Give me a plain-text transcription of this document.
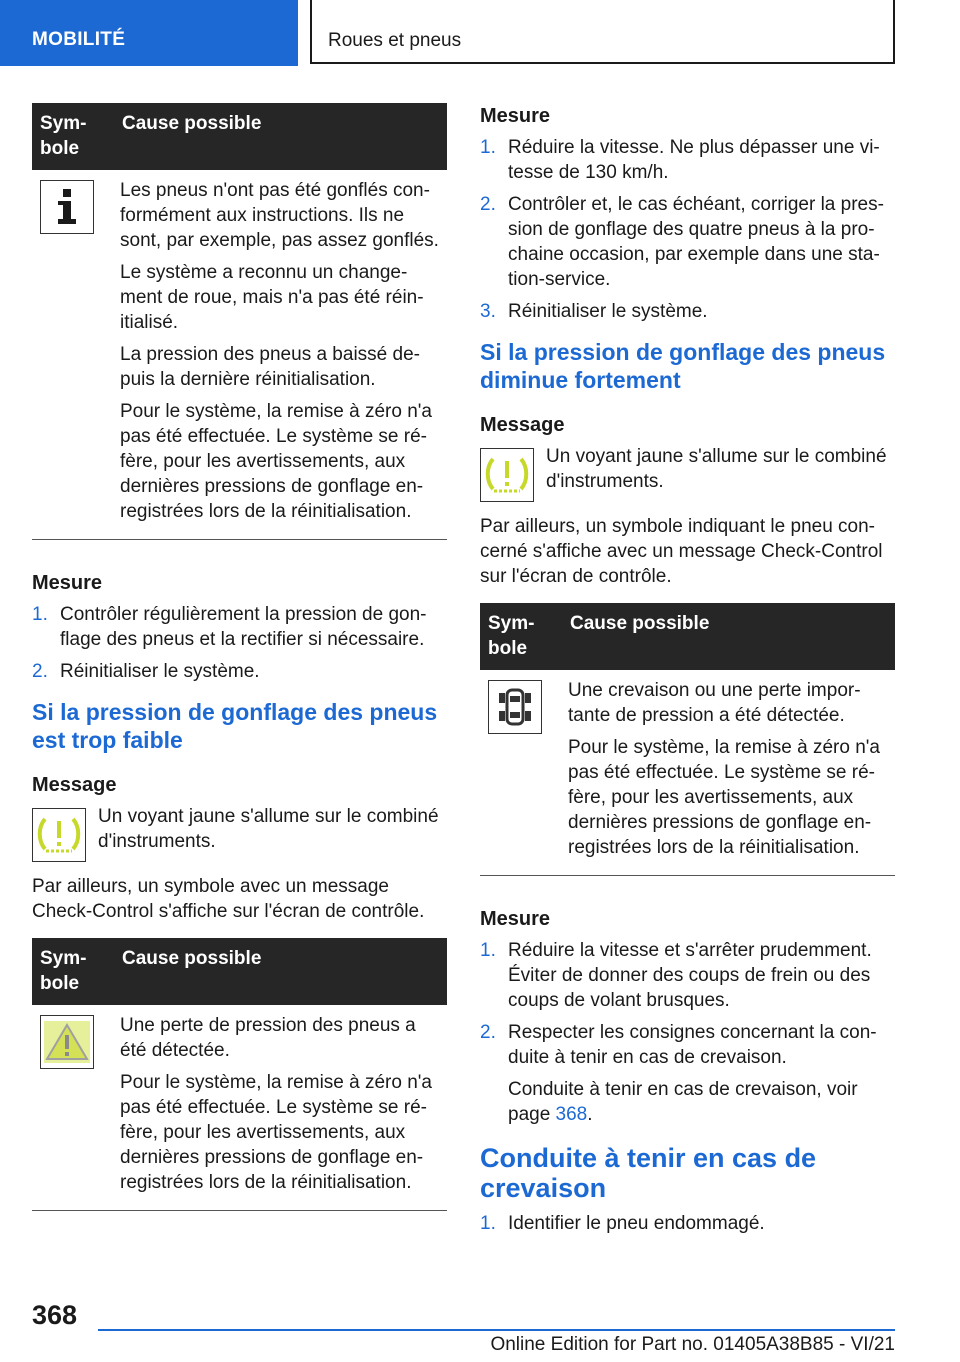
MOBILITÉ	Roues et pneus
Sym-
bole
Cause possible

Les pneus n'ont pas été gonflés con-formément aux instructions. Ils ne sont, par exemple, pas assez gonflés.

Le système a reconnu un change-ment de roue, mais n'a pas été réin-itialisé.

La pression des pneus a baissé de-puis la dernière réinitialisation.

Pour le système, la remise à zéro n'a pas été effectuée. Le système se ré-fère, pour les avertissements, aux dernières pressions de gonflage en-registrées lors de la réinitialisation.

Mesure
1. Contrôler régulièrement la pression de gon-flage des pneus et la rectifier si nécessaire.
2. Réinitialiser le système.
Si la pression de gonflage des pneus est trop faible
Message
Un voyant jaune s'allume sur le combiné d'instruments.

Par ailleurs, un symbole avec un message Check-Control s'affiche sur l'écran de contrôle.

Sym-
bole
Cause possible

Une perte de pression des pneus a été détectée.

Pour le système, la remise à zéro n'a pas été effectuée. Le système se ré-fère, pour les avertissements, aux dernières pressions de gonflage en-registrées lors de la réinitialisation.

Mesure
1. Réduire la vitesse. Ne plus dépasser une vi-tesse de 130 km/h.
2. Contrôler et, le cas échéant, corriger la pres-sion de gonflage des quatre pneus à la pro-chaine occasion, par exemple dans une sta-tion-service.
3. Réinitialiser le système.
Si la pression de gonflage des pneus diminue fortement
Message
Un voyant jaune s'allume sur le combiné d'instruments.

Par ailleurs, un symbole indiquant le pneu con-cerné s'affiche avec un message Check-Control sur l'écran de contrôle.

Sym-
bole
Cause possible

Une crevaison ou une perte impor-tante de pression a été détectée.

Pour le système, la remise à zéro n'a pas été effectuée. Le système se ré-fère, pour les avertissements, aux dernières pressions de gonflage en-registrées lors de la réinitialisation.

Mesure
1. Réduire la vitesse et s'arrêter prudemment. Éviter de donner des coups de frein ou des coups de volant brusques.
2. Respecter les consignes concernant la con-duite à tenir en cas de crevaison.

Conduite à tenir en cas de crevaison, voir page 368.

Conduite à tenir en cas de crevaison
1. Identifier le pneu endommagé.
368
Online Edition for Part no. 01405A38B85 - VI/21
